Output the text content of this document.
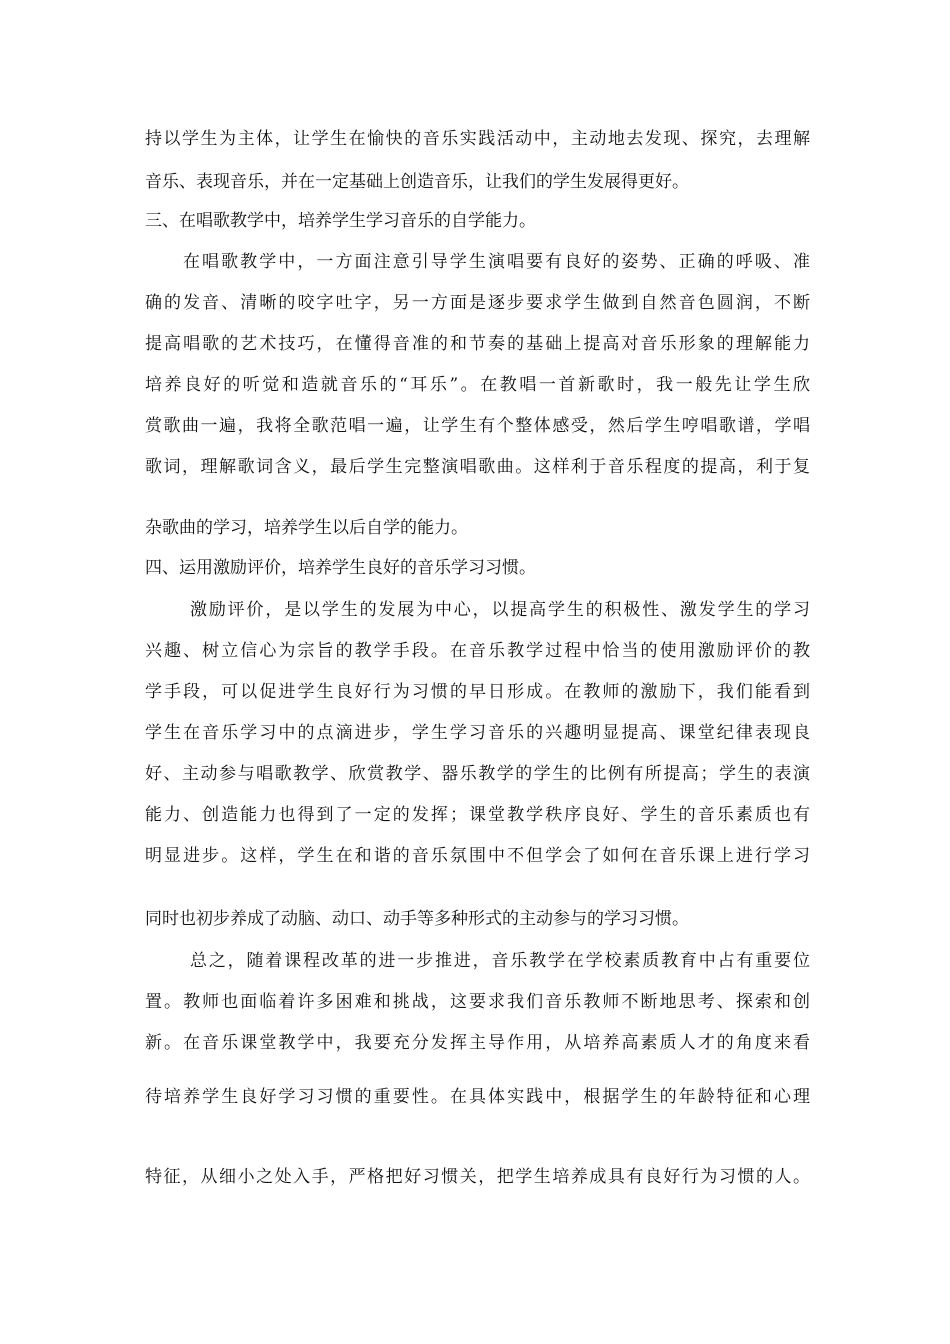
持以学生为主体，让学生在愉快的音乐实践活动中，主动地去发现、探究，去理解
音乐、表现音乐，并在一定基础上创造音乐，让我们的学生发展得更好。
三、在唱歌教学中，培养学生学习音乐的自学能力。
在唱歌教学中，一方面注意引导学生演唱要有良好的姿势、正确的呼吸、准
确的发音、清晰的咬字吐字，另一方面是逐步要求学生做到自然音色圆润，不断
提高唱歌的艺术技巧，在懂得音准的和节奏的基础上提高对音乐形象的理解能力
培养良好的听觉和造就音乐的“耳乐”。在教唱一首新歌时，我一般先让学生欣
赏歌曲一遍，我将全歌范唱一遍，让学生有个整体感受，然后学生哼唱歌谱，学唱
歌词，理解歌词含义，最后学生完整演唱歌曲。这样利于音乐程度的提高，利于复
杂歌曲的学习，培养学生以后自学的能力。
四、运用激励评价，培养学生良好的音乐学习习惯。
激励评价，是以学生的发展为中心，以提高学生的积极性、激发学生的学习
兴趣、树立信心为宗旨的教学手段。在音乐教学过程中恰当的使用激励评价的教
学手段，可以促进学生良好行为习惯的早日形成。在教师的激励下，我们能看到
学生在音乐学习中的点滴进步，学生学习音乐的兴趣明显提高、课堂纪律表现良
好、主动参与唱歌教学、欣赏教学、器乐教学的学生的比例有所提高；学生的表演
能力、创造能力也得到了一定的发挥；课堂教学秩序良好、学生的音乐素质也有
明显进步。这样，学生在和谐的音乐氛围中不但学会了如何在音乐课上进行学习
同时也初步养成了动脑、动口、动手等多种形式的主动参与的学习习惯。
总之，随着课程改革的进一步推进，音乐教学在学校素质教育中占有重要位
置。教师也面临着许多困难和挑战，这要求我们音乐教师不断地思考、探索和创
新。在音乐课堂教学中，我要充分发挥主导作用，从培养高素质人才的角度来看
待培养学生良好学习习惯的重要性。在具体实践中，根据学生的年龄特征和心理
特征，从细小之处入手，严格把好习惯关，把学生培养成具有良好行为习惯的人。
